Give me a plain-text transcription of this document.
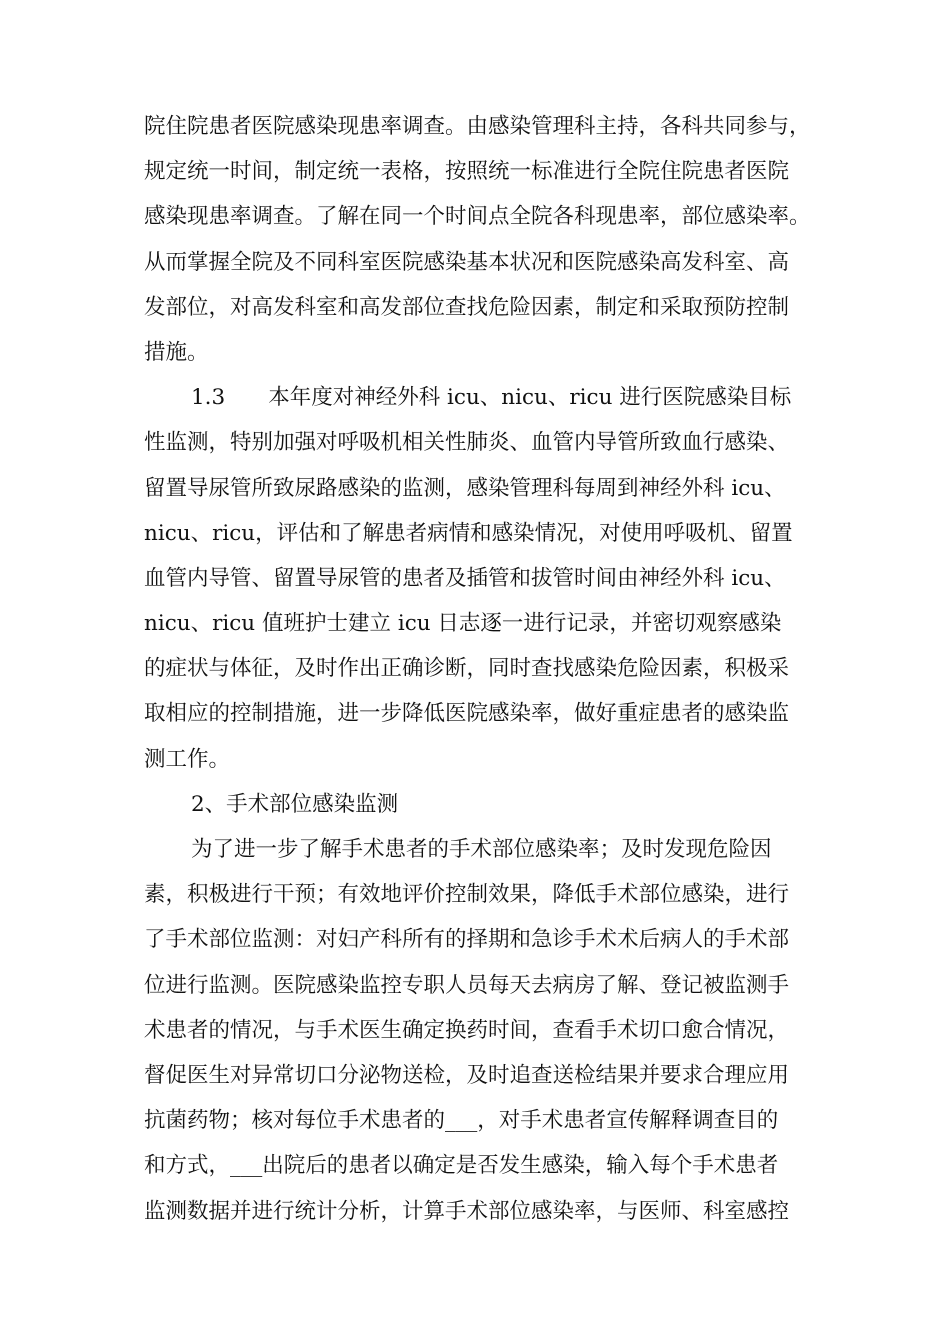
院住院患者医院感染现患率调查。由感染管理科主持，各科共同参与，
规定统一时间，制定统一表格，按照统一标准进行全院住院患者医院
感染现患率调查。了解在同一个时间点全院各科现患率，部位感染率。
从而掌握全院及不同科室医院感染基本状况和医院感染高发科室、高
发部位，对高发科室和高发部位查找危险因素，制定和采取预防控制
措施。
1.3　　本年度对神经外科 icu、nicu、ricu 进行医院感染目标
性监测，特别加强对呼吸机相关性肺炎、血管内导管所致血行感染、
留置导尿管所致尿路感染的监测，感染管理科每周到神经外科 icu、
nicu、ricu，评估和了解患者病情和感染情况，对使用呼吸机、留置
血管内导管、留置导尿管的患者及插管和拔管时间由神经外科 icu、
nicu、ricu 值班护士建立 icu 日志逐一进行记录，并密切观察感染
的症状与体征，及时作出正确诊断，同时查找感染危险因素，积极采
取相应的控制措施，进一步降低医院感染率，做好重症患者的感染监
测工作。
2、手术部位感染监测
为了进一步了解手术患者的手术部位感染率；及时发现危险因
素，积极进行干预；有效地评价控制效果，降低手术部位感染，进行
了手术部位监测：对妇产科所有的择期和急诊手术术后病人的手术部
位进行监测。医院感染监控专职人员每天去病房了解、登记被监测手
术患者的情况，与手术医生确定换药时间，查看手术切口愈合情况，
督促医生对异常切口分泌物送检，及时追查送检结果并要求合理应用
抗菌药物；核对每位手术患者的___，对手术患者宣传解释调查目的
和方式，___出院后的患者以确定是否发生感染，输入每个手术患者
监测数据并进行统计分析，计算手术部位感染率，与医师、科室感控
